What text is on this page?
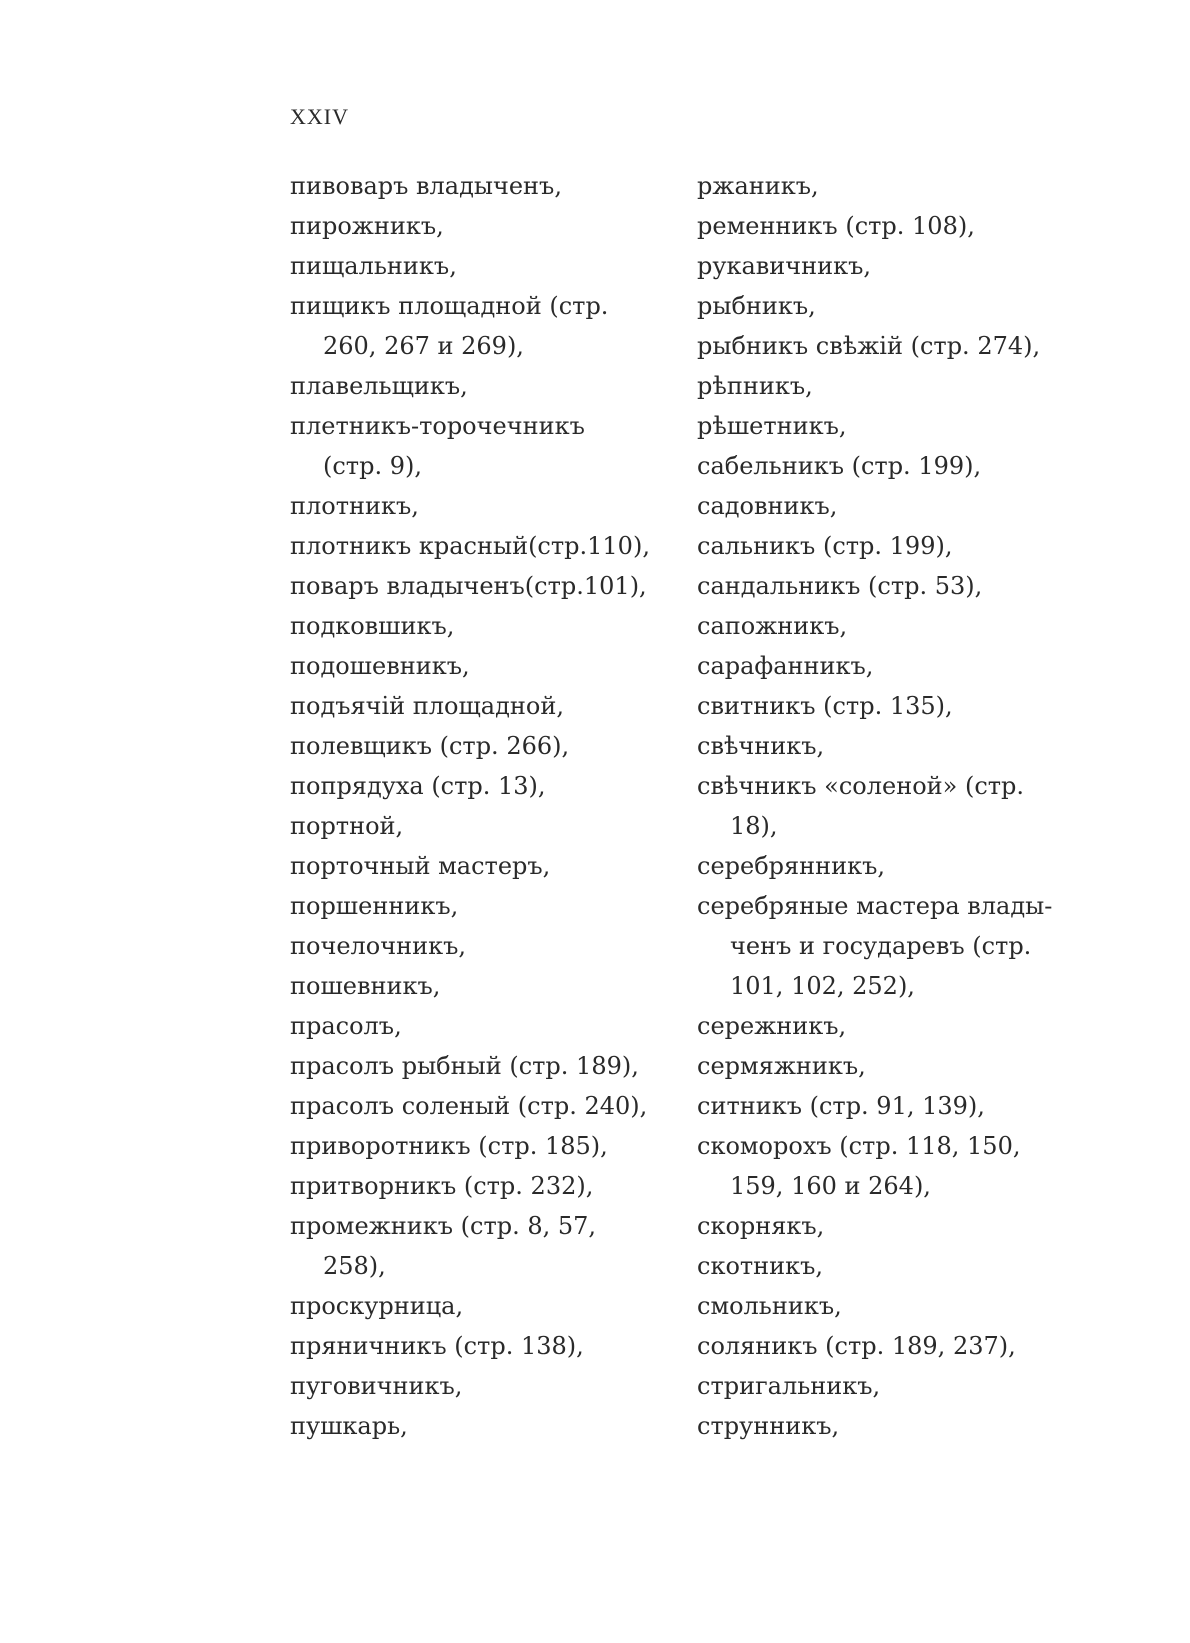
XXIV
пивоваръ владыченъ,
пирожникъ,
пищальникъ,
пищикъ площадной (стр.
260, 267 и 269),
плавельщикъ,
плетникъ-торочечникъ
(стр. 9),
плотникъ,
плотникъ красный(стр.110),
поваръ владыченъ(стр.101),
подковшикъ,
подошевникъ,
подъячій площадной,
полевщикъ (стр. 266),
попрядуха (стр. 13),
портной,
порточный мастеръ,
поршенникъ,
почелочникъ,
пошевникъ,
прасолъ,
прасолъ рыбный (стр. 189),
прасолъ соленый (стр. 240),
приворотникъ (стр. 185),
притворникъ (стр. 232),
промежникъ (стр. 8, 57,
258),
проскурница,
пряничникъ (стр. 138),
пуговичникъ,
пушкарь,
ржаникъ,
ременникъ (стр. 108),
рукавичникъ,
рыбникъ,
рыбникъ свѣжій (стр. 274),
рѣпникъ,
рѣшетникъ,
сабельникъ (стр. 199),
садовникъ,
сальникъ (стр. 199),
сандальникъ (стр. 53),
сапожникъ,
сарафанникъ,
свитникъ (стр. 135),
свѣчникъ,
свѣчникъ «соленой» (стр.
18),
серебрянникъ,
серебряные мастера влады-
ченъ и государевъ (стр.
101, 102, 252),
сережникъ,
сермяжникъ,
ситникъ (стр. 91, 139),
скоморохъ (стр. 118, 150,
159, 160 и 264),
скорнякъ,
скотникъ,
смольникъ,
соляникъ (стр. 189, 237),
стригальникъ,
струнникъ,
